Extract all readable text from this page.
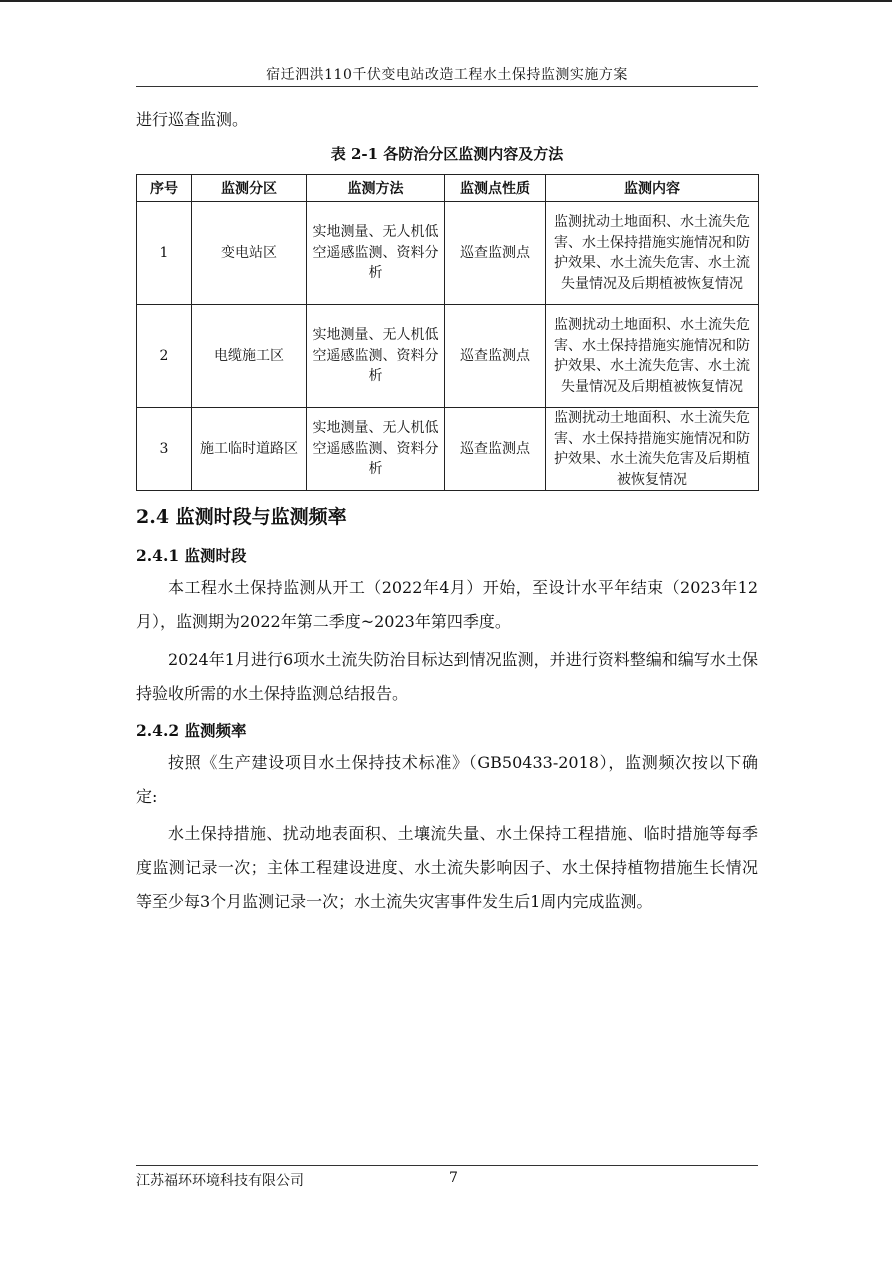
宿迁泗洪110千伏变电站改造工程水土保持监测实施方案

进行巡查监测。

表 2-1 各防治分区监测内容及方法
序号	监测分区	监测方法	监测点性质	监测内容
1	变电站区	实地测量、无人机低空遥感监测、资料分析	巡查监测点	监测扰动土地面积、水土流失危害、水土保持措施实施情况和防护效果、水土流失危害、水土流失量情况及后期植被恢复情况
2	电缆施工区	实地测量、无人机低空遥感监测、资料分析	巡查监测点	监测扰动土地面积、水土流失危害、水土保持措施实施情况和防护效果、水土流失危害、水土流失量情况及后期植被恢复情况
3	施工临时道路区	实地测量、无人机低空遥感监测、资料分析	巡查监测点	监测扰动土地面积、水土流失危害、水土保持措施实施情况和防护效果、水土流失危害及后期植被恢复情况
2.4 监测时段与监测频率
2.4.1 监测时段

本工程水土保持监测从开工（2022年4月）开始，至设计水平年结束（2023年12月），监测期为2022年第二季度~2023年第四季度。

2024年1月进行6项水土流失防治目标达到情况监测，并进行资料整编和编写水土保持验收所需的水土保持监测总结报告。

2.4.2 监测频率

按照《生产建设项目水土保持技术标准》（GB50433-2018），监测频次按以下确定:

水土保持措施、扰动地表面积、土壤流失量、水土保持工程措施、临时措施等每季度监测记录一次；主体工程建设进度、水土流失影响因子、水土保持植物措施生长情况等至少每3个月监测记录一次；水土流失灾害事件发生后1周内完成监测。

江苏福环环境科技有限公司	7
